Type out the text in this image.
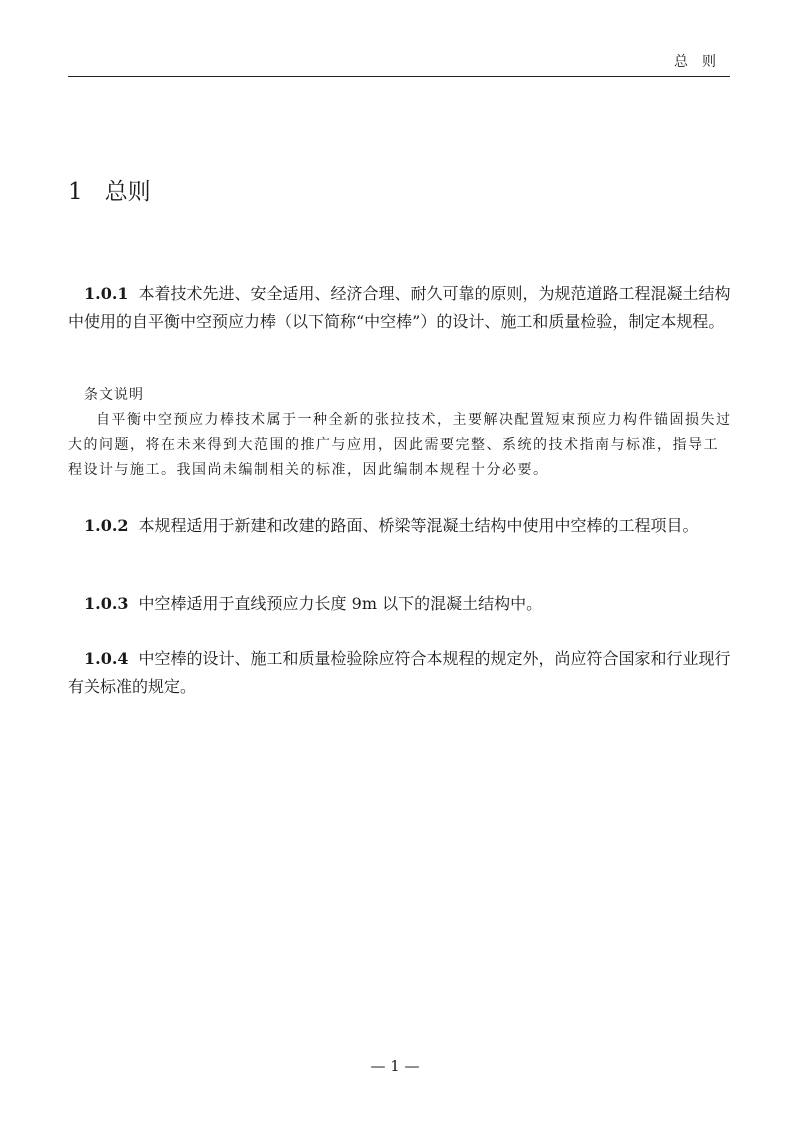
总则
1 总则

1.0.1 本着技术先进、安全适用、经济合理、耐久可靠的原则，为规范道路工程混凝土结构中使用的自平衡中空预应力棒（以下简称“中空棒”）的设计、施工和质量检验，制定本规程。

条文说明

自平衡中空预应力棒技术属于一种全新的张拉技术，主要解决配置短束预应力构件锚固损失过大的问题，将在未来得到大范围的推广与应用，因此需要完整、系统的技术指南与标准，指导工程设计与施工。我国尚未编制相关的标准，因此编制本规程十分必要。

1.0.2 本规程适用于新建和改建的路面、桥梁等混凝土结构中使用中空棒的工程项目。

1.0.3 中空棒适用于直线预应力长度 9m 以下的混凝土结构中。

1.0.4 中空棒的设计、施工和质量检验除应符合本规程的规定外，尚应符合国家和行业现行有关标准的规定。

— 1 —
